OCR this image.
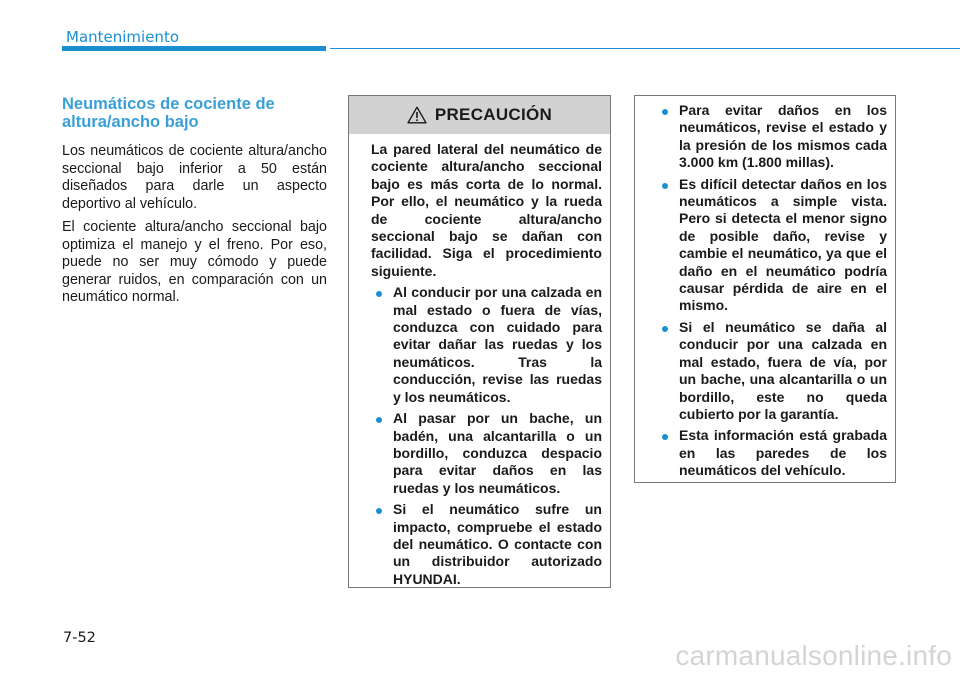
Mantenimiento
Neumáticos de cociente de altura/ancho bajo

Los neumáticos de cociente altura/ancho seccional bajo inferior a 50 están diseñados para darle un aspecto deportivo al vehículo.

El cociente altura/ancho seccional bajo optimiza el manejo y el freno. Por eso, puede no ser muy cómodo y puede generar ruidos, en comparación con un neumático normal.

PRECAUCIÓN

La pared lateral del neumático de cociente altura/ancho seccional bajo es más corta de lo normal. Por ello, el neumático y la rueda de cociente altura/ancho seccional bajo se dañan con facilidad. Siga el procedimiento siguiente.

Al conducir por una calzada en mal estado o fuera de vías, conduzca con cuidado para evitar dañar las ruedas y los neumáticos. Tras la conducción, revise las ruedas y los neumáticos.
Al pasar por un bache, un badén, una alcantarilla o un bordillo, conduzca despacio para evitar daños en las ruedas y los neumáticos.
Si el neumático sufre un impacto, compruebe el estado del neumático. O contacte con un distribuidor autorizado HYUNDAI.
Para evitar daños en los neumáticos, revise el estado y la presión de los mismos cada 3.000 km (1.800 millas).
Es difícil detectar daños en los neumáticos a simple vista. Pero si detecta el menor signo de posible daño, revise y cambie el neumático, ya que el daño en el neumático podría causar pérdida de aire en el mismo.
Si el neumático se daña al conducir por una calzada en mal estado, fuera de vía, por un bache, una alcantarilla o un bordillo, este no queda cubierto por la garantía.
Esta información está grabada en las paredes de los neumáticos del vehículo.
7-52
carmanualsonline.info
